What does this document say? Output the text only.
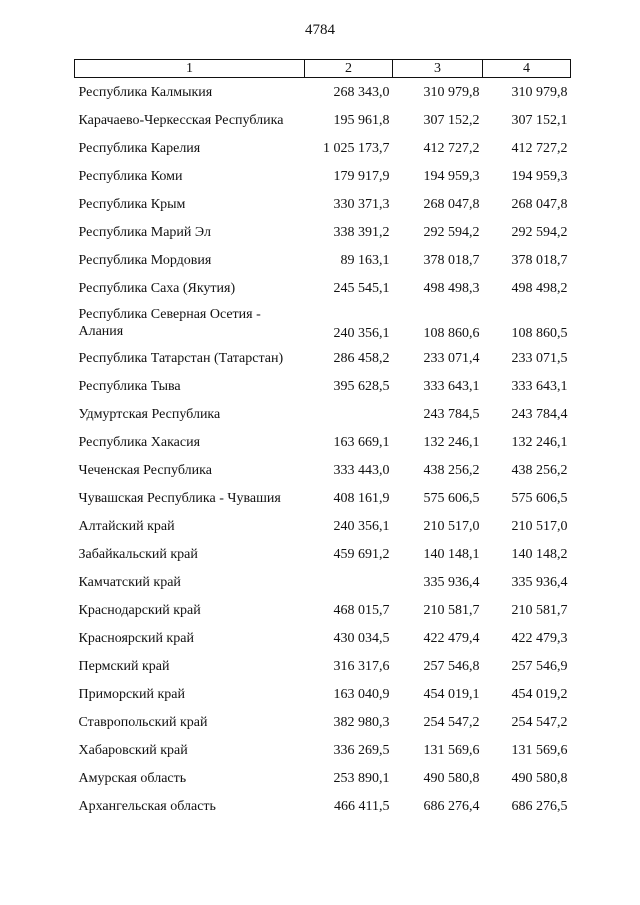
4784
1	2	3	4
Республика Калмыкия	268 343,0	310 979,8	310 979,8
Карачаево-Черкесская Республика	195 961,8	307 152,2	307 152,1
Республика Карелия	1 025 173,7	412 727,2	412 727,2
Республика Коми	179 917,9	194 959,3	194 959,3
Республика Крым	330 371,3	268 047,8	268 047,8
Республика Марий Эл	338 391,2	292 594,2	292 594,2
Республика Мордовия	89 163,1	378 018,7	378 018,7
Республика Саха (Якутия)	245 545,1	498 498,3	498 498,2
Республика Северная Осетия - Алания	240 356,1	108 860,6	108 860,5
Республика Татарстан (Татарстан)	286 458,2	233 071,4	233 071,5
Республика Тыва	395 628,5	333 643,1	333 643,1
Удмуртская Республика		243 784,5	243 784,4
Республика Хакасия	163 669,1	132 246,1	132 246,1
Чеченская Республика	333 443,0	438 256,2	438 256,2
Чувашская Республика - Чувашия	408 161,9	575 606,5	575 606,5
Алтайский край	240 356,1	210 517,0	210 517,0
Забайкальский край	459 691,2	140 148,1	140 148,2
Камчатский край		335 936,4	335 936,4
Краснодарский край	468 015,7	210 581,7	210 581,7
Красноярский край	430 034,5	422 479,4	422 479,3
Пермский край	316 317,6	257 546,8	257 546,9
Приморский край	163 040,9	454 019,1	454 019,2
Ставропольский край	382 980,3	254 547,2	254 547,2
Хабаровский край	336 269,5	131 569,6	131 569,6
Амурская область	253 890,1	490 580,8	490 580,8
Архангельская область	466 411,5	686 276,4	686 276,5
